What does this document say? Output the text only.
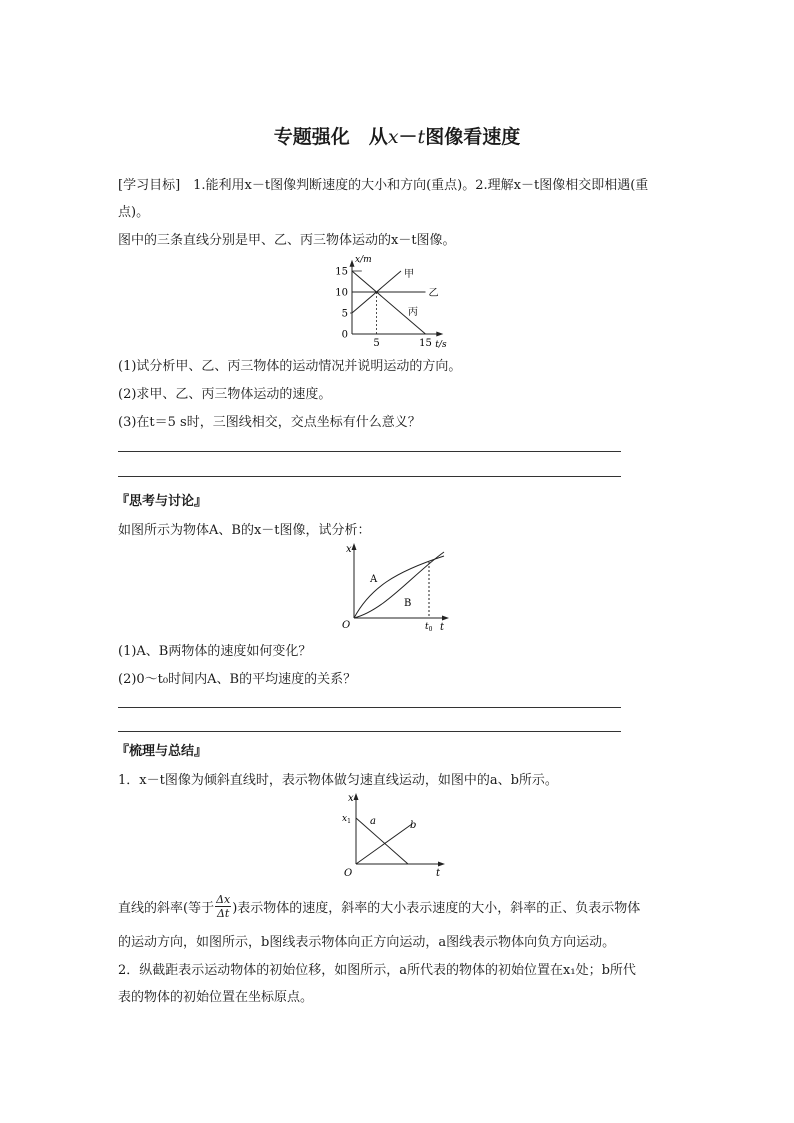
专题强化　从x－t图像看速度
[学习目标]　1.能利用x－t图像判断速度的大小和方向(重点)。2.理解x－t图像相交即相遇(重
点)。
图中的三条直线分别是甲、乙、丙三物体运动的x－t图像。
15
10
5
0
5	15
x/m
t/s
甲
乙
丙
(1)试分析甲、乙、丙三物体的运动情况并说明运动的方向。
(2)求甲、乙、丙三物体运动的速度。
(3)在t＝5 s时，三图线相交，交点坐标有什么意义？
『思考与讨论』
如图所示为物体A、B的x－t图像，试分析：
x
t
O
A
B
$t_0$
(1)A、B两物体的速度如何变化？
(2)0～t₀时间内A、B的平均速度的关系？
『梳理与总结』
1．x－t图像为倾斜直线时，表示物体做匀速直线运动，如图中的a、b所示。
x
t
O
$x_1$ a	b
直线的斜率(等于
Δx
Δt )表示物体的速度，斜率的大小表示速度的大小，斜率的正、负表示物体
的运动方向，如图所示，b图线表示物体向正方向运动，a图线表示物体向负方向运动。
2．纵截距表示运动物体的初始位移，如图所示，a所代表的物体的初始位置在x₁处；b所代
表的物体的初始位置在坐标原点。
